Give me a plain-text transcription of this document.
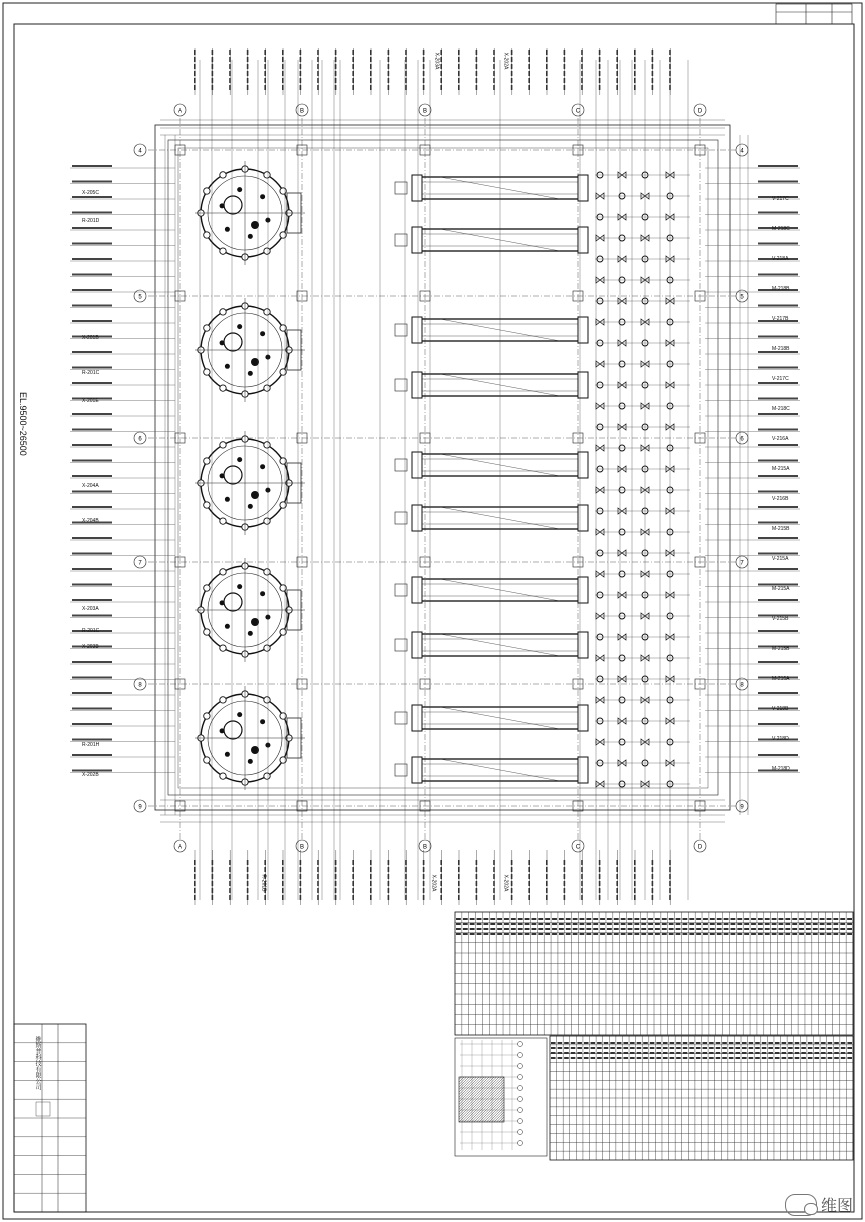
4	4
5	5
6	6
7	7
8	8
9	9
A
A
B
B
B
B
C
C
D
D
EL.9500~26500
維斯普科技有限公司
X-205C
R-201D
X-201B
R-201C
X-201E
X-204A
X-204B
X-203A
R-201C
X-203B
R-201H
X-202B
V-217C
M-218C
V-218A
M-218B
V-217B
M-218B
V-217C
M-218C
V-216A
M-215A
V-216B
M-215B
V-215A
M-215A
V-215B
M-215B
M-216A
V-218B
V-218D
M-218D
X-203A	X-202A
R-201B	X-202A	X-202A
维图
